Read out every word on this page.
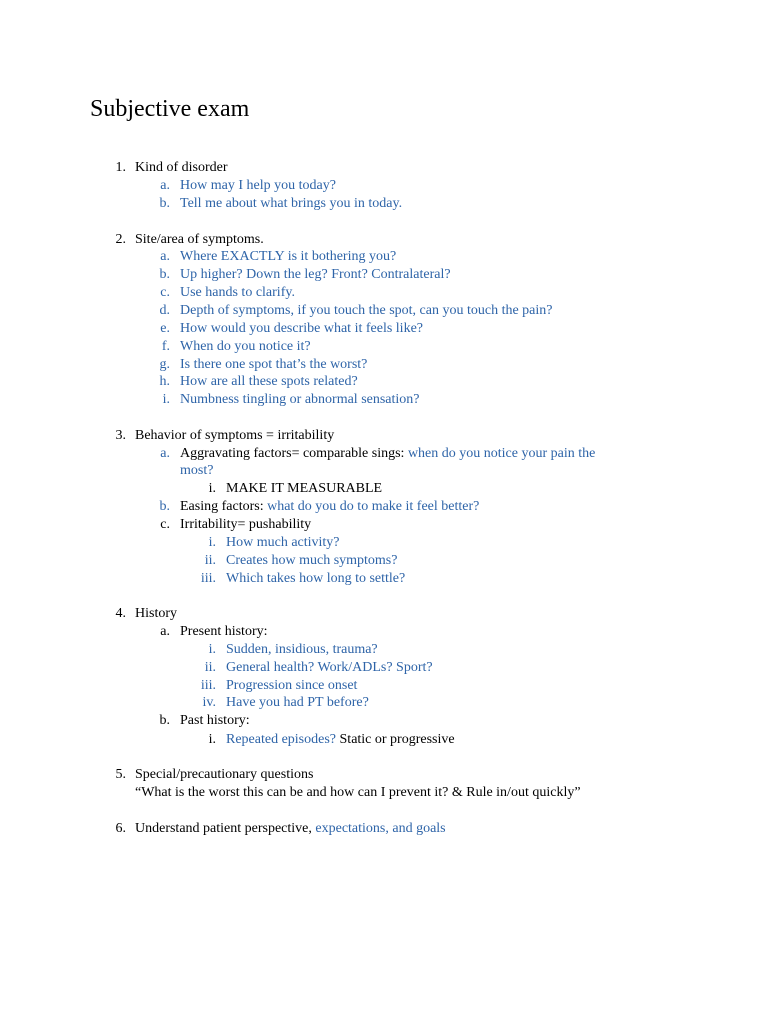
Subjective exam
1. Kind of disorder
a. How may I help you today?
b. Tell me about what brings you in today.
2. Site/area of symptoms.
a. Where EXACTLY is it bothering you?
b. Up higher? Down the leg? Front? Contralateral?
c. Use hands to clarify.
d. Depth of symptoms, if you touch the spot, can you touch the pain?
e. How would you describe what it feels like?
f. When do you notice it?
g. Is there one spot that’s the worst?
h. How are all these spots related?
i. Numbness tingling or abnormal sensation?
3. Behavior of symptoms = irritability
a. Aggravating factors= comparable sings: when do you notice your pain the
most?
i. MAKE IT MEASURABLE
b. Easing factors: what do you do to make it feel better?
c. Irritability= pushability
i. How much activity?
ii. Creates how much symptoms?
iii. Which takes how long to settle?
4. History
a. Present history:
i. Sudden, insidious, trauma?
ii. General health? Work/ADLs? Sport?
iii. Progression since onset
iv. Have you had PT before?
b. Past history:
i. Repeated episodes? Static or progressive
5. Special/precautionary questions
“What is the worst this can be and how can I prevent it? & Rule in/out quickly”
6. Understand patient perspective, expectations, and goals
